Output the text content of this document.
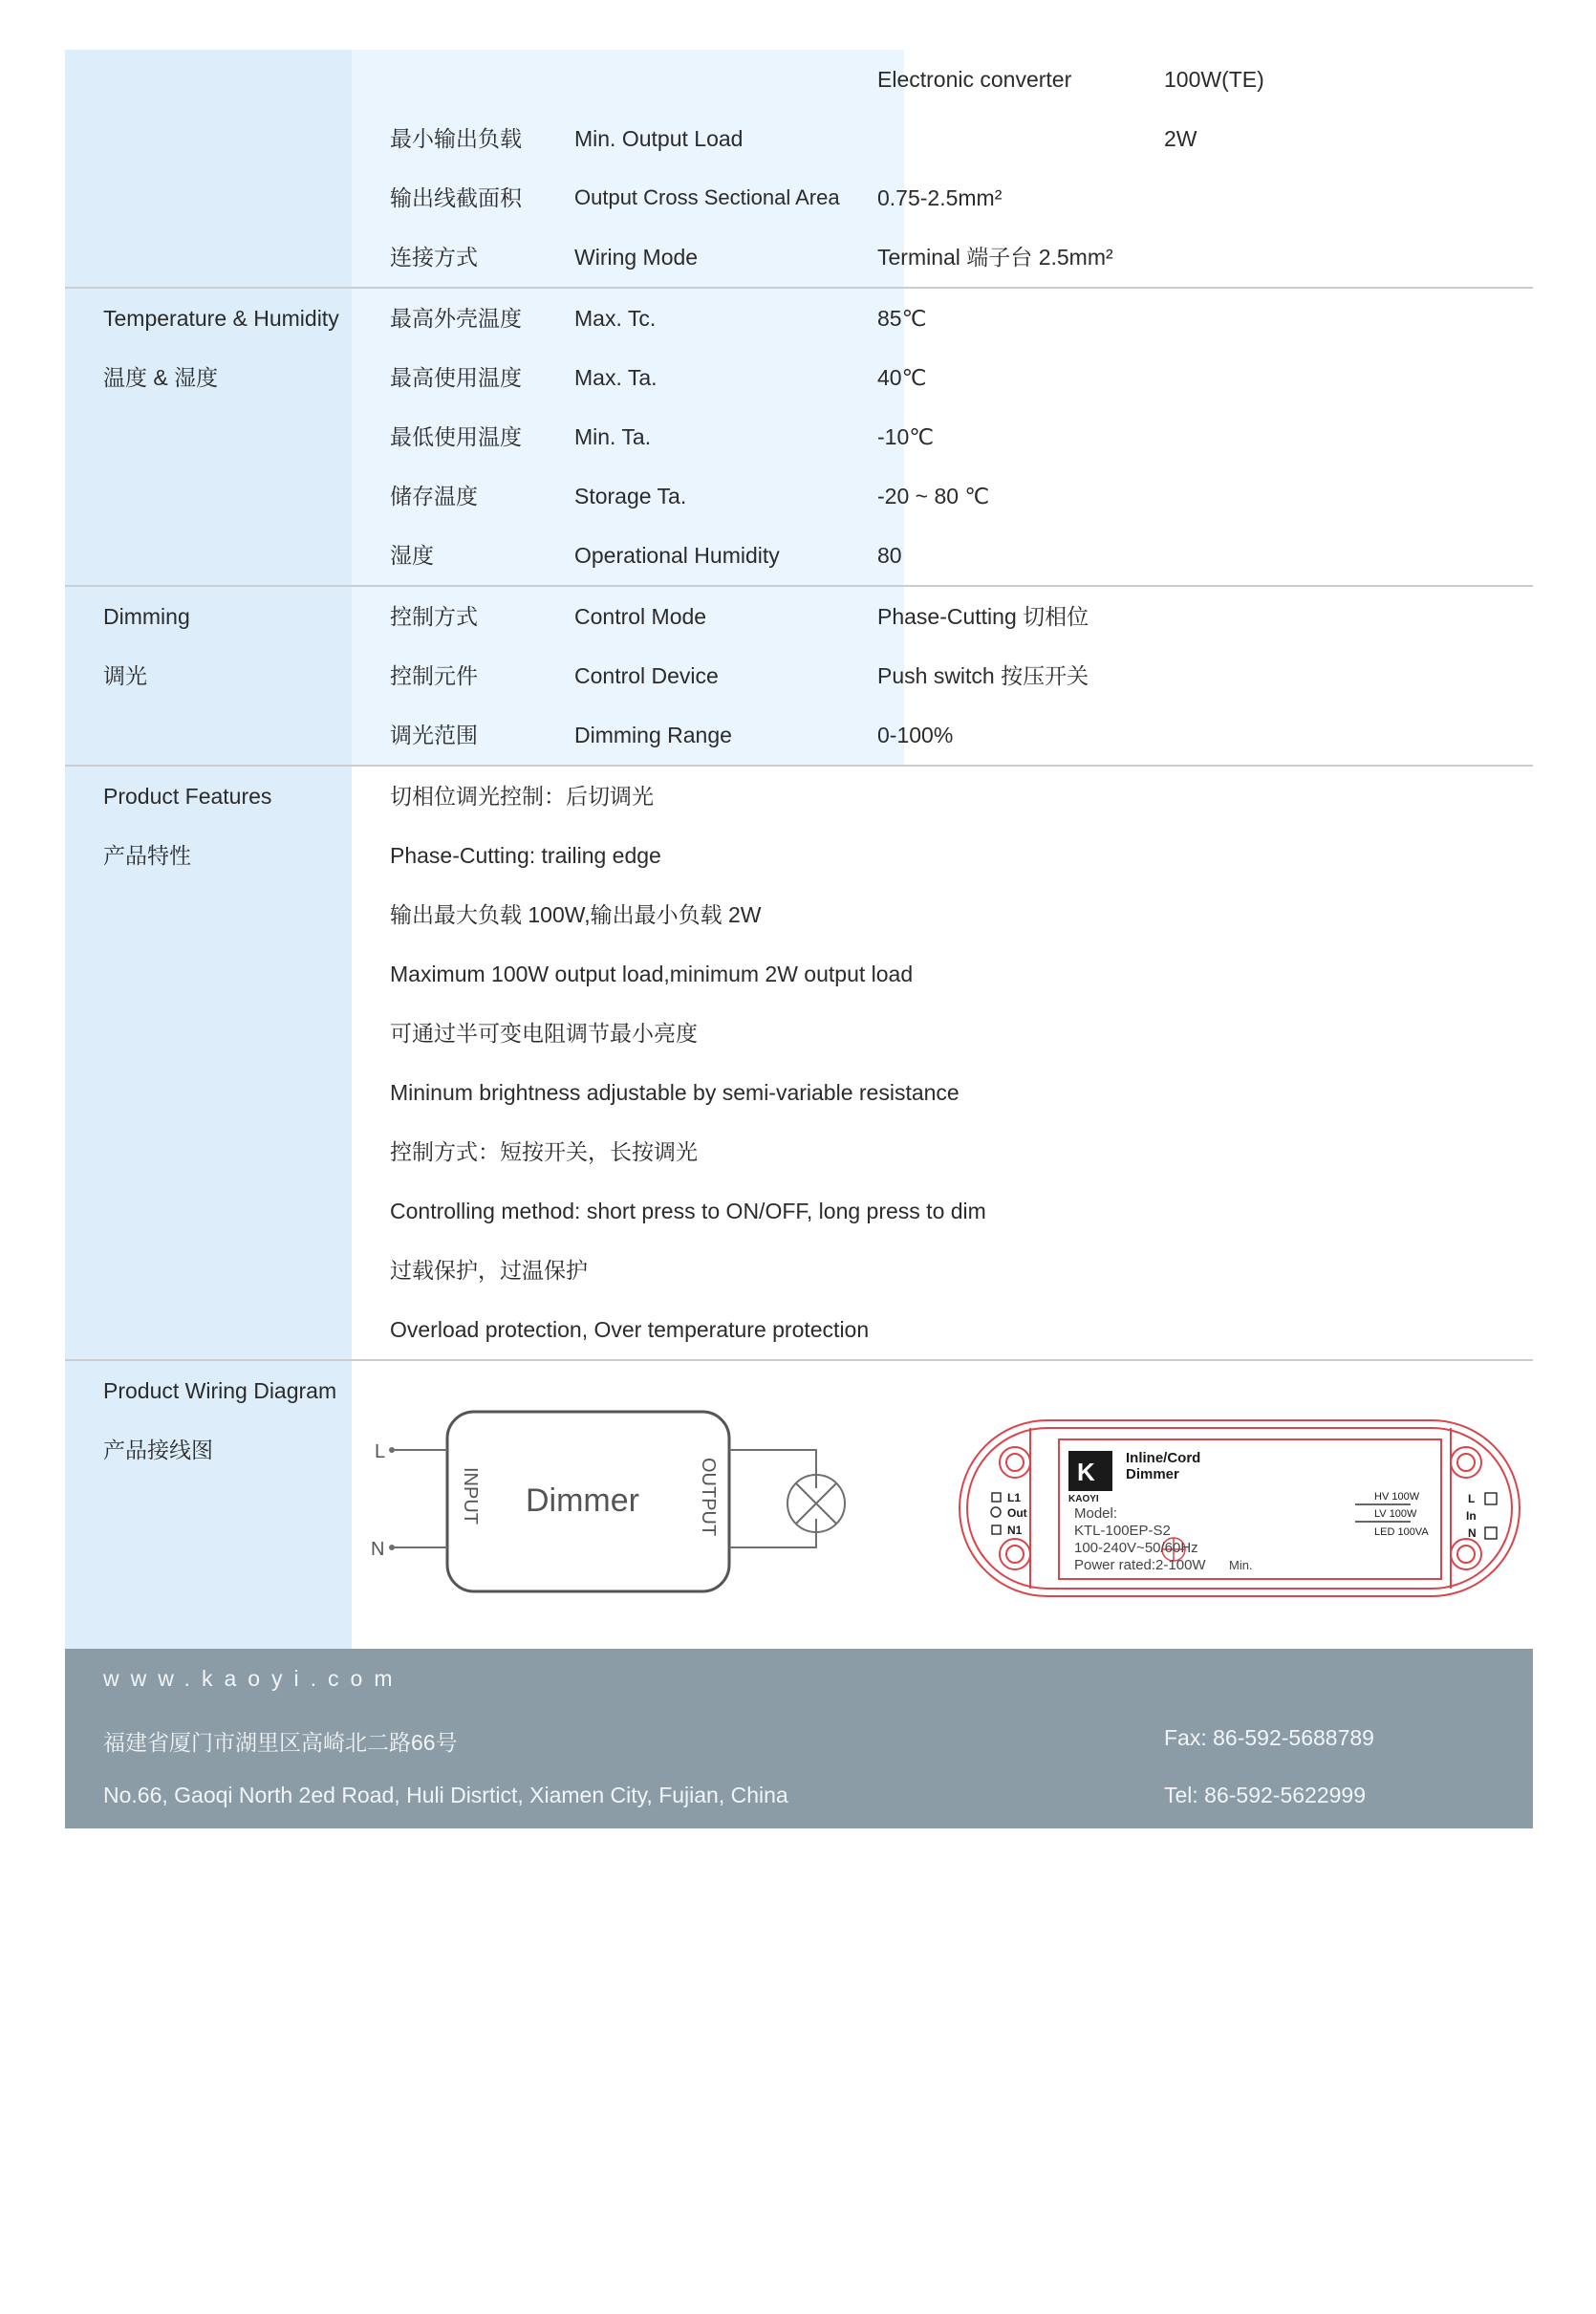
Electronic converter	100W(TE)
最小输出负载 Min. Output Load	2W
输出线截面积	Output Cross Sectional Area 0.75-2.5mm²
连接方式	Wiring Mode	Terminal 端子台 2.5mm²
Temperature & Humidity	最高外壳温度 Max. Tc.	85℃
温度 & 湿度	最高使用温度 Max. Ta.	40℃
最低使用温度 Min. Ta.	-10℃
储存温度	Storage Ta.	-20 ~ 80 ℃
湿度	Operational Humidity	80
Dimming	控制方式	Control Mode	Phase-Cutting 切相位
调光	控制元件	Control Device	Push switch 按压开关
调光范围	Dimming Range	0-100%
Product Features	切相位调光控制：后切调光
产品特性	Phase-Cutting: trailing edge
输出最大负载 100W,输出最小负载 2W
Maximum 100W output load,minimum 2W output load
可通过半可变电阻调节最小亮度
Mininum brightness adjustable by semi-variable resistance
控制方式：短按开关，长按调光
Controlling method: short press to ON/OFF, long press to dim
过载保护，过温保护
Overload protection, Over temperature protection
Product Wiring Diagram
产品接线图	L
N
INPUT	OUTPUT
Dimmer
K
KAOYI
Inline/Cord
Dimmer
Model:
KTL-100EP-S2
100-240V~50/60Hz
Power rated:2-100W Min.
L1
Out
N1
L
In
N
HV 100W
LV 100W
LED 100VA
www.kaoyi.com
福建省厦门市湖里区高崎北二路66号
No.66, Gaoqi North 2ed Road, Huli Disrtict, Xiamen City, Fujian, China
Fax: 86-592-5688789
Tel: 86-592-5622999
